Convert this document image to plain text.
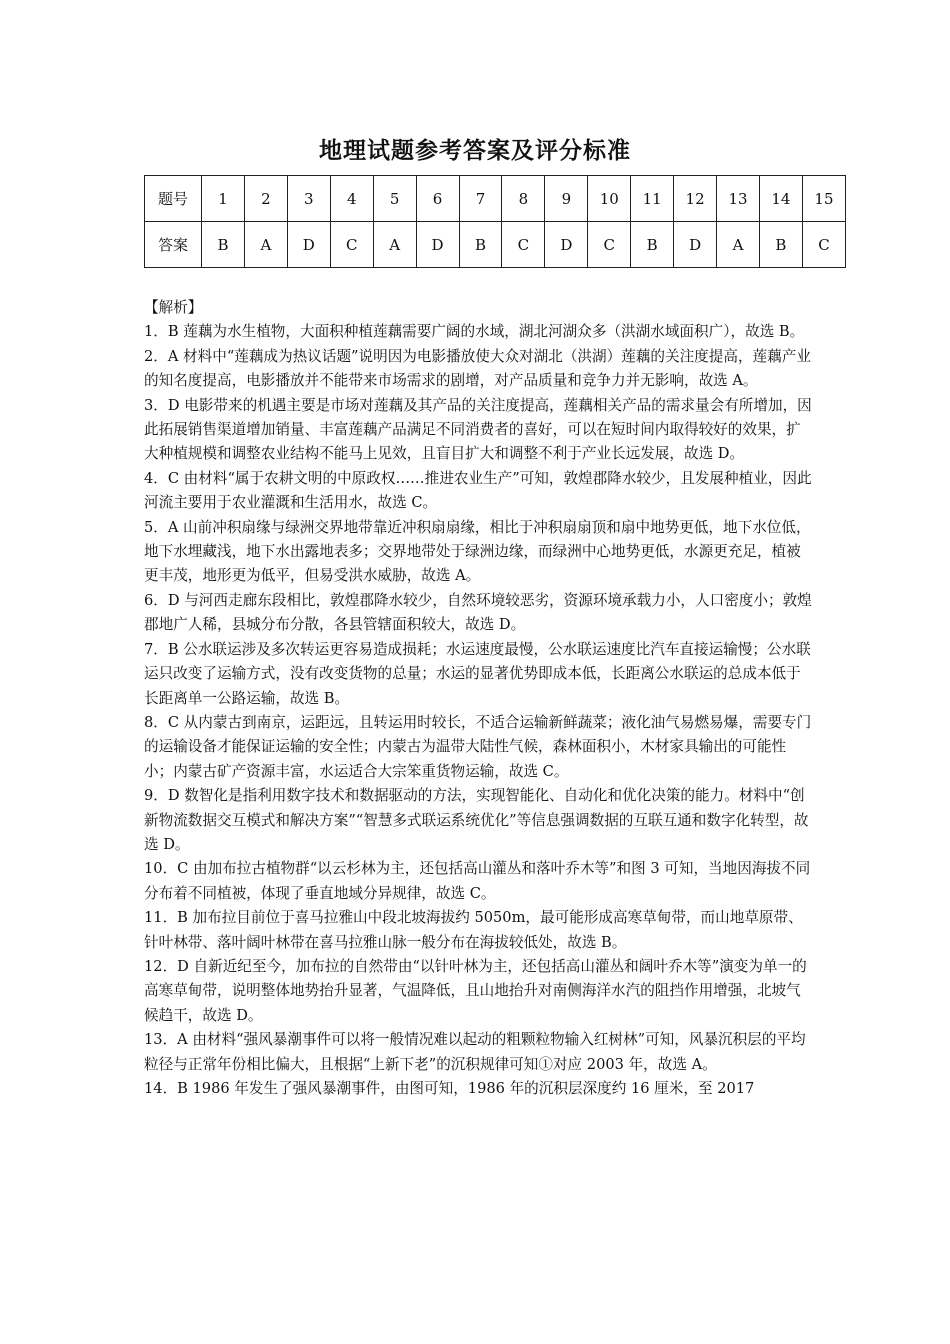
地理试题参考答案及评分标准
题号	1	2	3	4	5	6	7	8	9	10	11	12	13	14	15
答案	B	A	D	C	A	D	B	C	D	C	B	D	A	B	C

【解析】

1．B 莲藕为水生植物，大面积种植莲藕需要广阔的水域，湖北河湖众多（洪湖水域面积广），故选 B。

2．A 材料中“莲藕成为热议话题”说明因为电影播放使大众对湖北（洪湖）莲藕的关注度提高，莲藕产业的知名度提高，电影播放并不能带来市场需求的剧增，对产品质量和竞争力并无影响，故选 A。

3．D 电影带来的机遇主要是市场对莲藕及其产品的关注度提高，莲藕相关产品的需求量会有所增加，因此拓展销售渠道增加销量、丰富莲藕产品满足不同消费者的喜好，可以在短时间内取得较好的效果，扩大种植规模和调整农业结构不能马上见效，且盲目扩大和调整不利于产业长远发展，故选 D。

4．C 由材料“属于农耕文明的中原政权……推进农业生产”可知，敦煌郡降水较少，且发展种植业，因此河流主要用于农业灌溉和生活用水，故选 C。

5．A 山前冲积扇缘与绿洲交界地带靠近冲积扇扇缘，相比于冲积扇扇顶和扇中地势更低，地下水位低，地下水埋藏浅，地下水出露地表多；交界地带处于绿洲边缘，而绿洲中心地势更低，水源更充足，植被更丰茂，地形更为低平，但易受洪水威胁，故选 A。

6．D 与河西走廊东段相比，敦煌郡降水较少，自然环境较恶劣，资源环境承载力小，人口密度小；敦煌郡地广人稀，县城分布分散，各县管辖面积较大，故选 D。

7．B 公水联运涉及多次转运更容易造成损耗；水运速度最慢，公水联运速度比汽车直接运输慢；公水联运只改变了运输方式，没有改变货物的总量；水运的显著优势即成本低，长距离公水联运的总成本低于长距离单一公路运输，故选 B。

8．C 从内蒙古到南京，运距远，且转运用时较长，不适合运输新鲜蔬菜；液化油气易燃易爆，需要专门的运输设备才能保证运输的安全性；内蒙古为温带大陆性气候，森林面积小，木材家具输出的可能性小；内蒙古矿产资源丰富，水运适合大宗笨重货物运输，故选 C。

9．D 数智化是指利用数字技术和数据驱动的方法，实现智能化、自动化和优化决策的能力。材料中“创新物流数据交互模式和解决方案”“智慧多式联运系统优化”等信息强调数据的互联互通和数字化转型，故选 D。

10．C 由加布拉古植物群“以云杉林为主，还包括高山灌丛和落叶乔木等”和图 3 可知，当地因海拔不同分布着不同植被，体现了垂直地域分异规律，故选 C。

11．B 加布拉目前位于喜马拉雅山中段北坡海拔约 5050m，最可能形成高寒草甸带，而山地草原带、针叶林带、落叶阔叶林带在喜马拉雅山脉一般分布在海拔较低处，故选 B。

12．D 自新近纪至今，加布拉的自然带由“以针叶林为主，还包括高山灌丛和阔叶乔木等”演变为单一的高寒草甸带，说明整体地势抬升显著，气温降低，且山地抬升对南侧海洋水汽的阻挡作用增强，北坡气候趋干，故选 D。

13．A 由材料“强风暴潮事件可以将一般情况难以起动的粗颗粒物输入红树林”可知，风暴沉积层的平均粒径与正常年份相比偏大，且根据“上新下老”的沉积规律可知①对应 2003 年，故选 A。

14．B 1986 年发生了强风暴潮事件，由图可知，1986 年的沉积层深度约 16 厘米，至 2017
